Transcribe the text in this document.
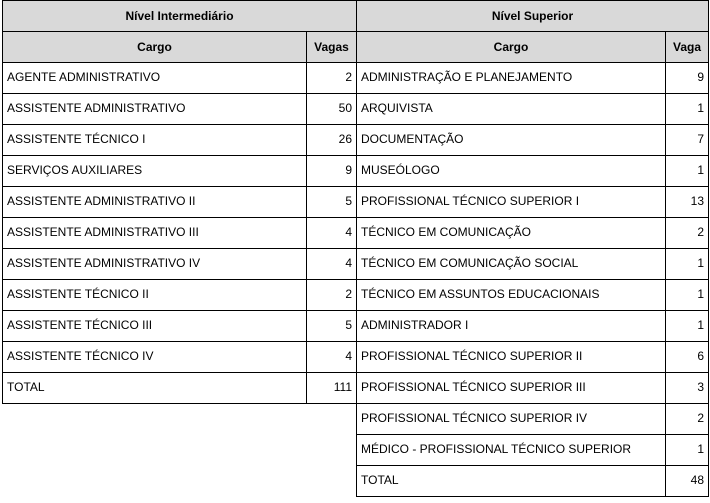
Nível Intermediário	
Cargo	Vagas
AGENTE ADMINISTRATIVO	2
ASSISTENTE ADMINISTRATIVO	50
ASSISTENTE TÉCNICO I	26
SERVIÇOS AUXILIARES	9
ASSISTENTE ADMINISTRATIVO II	5
ASSISTENTE ADMINISTRATIVO III	4
ASSISTENTE ADMINISTRATIVO IV	4
ASSISTENTE TÉCNICO II	2
ASSISTENTE TÉCNICO III	5
ASSISTENTE TÉCNICO IV	4
TOTAL	111
Nível Superior	
Cargo	Vaga
ADMINISTRAÇÃO E PLANEJAMENTO	9
ARQUIVISTA	1
DOCUMENTAÇÃO	7
MUSEÓLOGO	1
PROFISSIONAL TÉCNICO SUPERIOR I	13
TÉCNICO EM COMUNICAÇÃO	2
TÉCNICO EM COMUNICAÇÃO SOCIAL	1
TÉCNICO EM ASSUNTOS EDUCACIONAIS	1
ADMINISTRADOR I	1
PROFISSIONAL TÉCNICO SUPERIOR II	6
PROFISSIONAL TÉCNICO SUPERIOR III	3
PROFISSIONAL TÉCNICO SUPERIOR IV	2
MÉDICO - PROFISSIONAL TÉCNICO SUPERIOR	1
TOTAL	48
